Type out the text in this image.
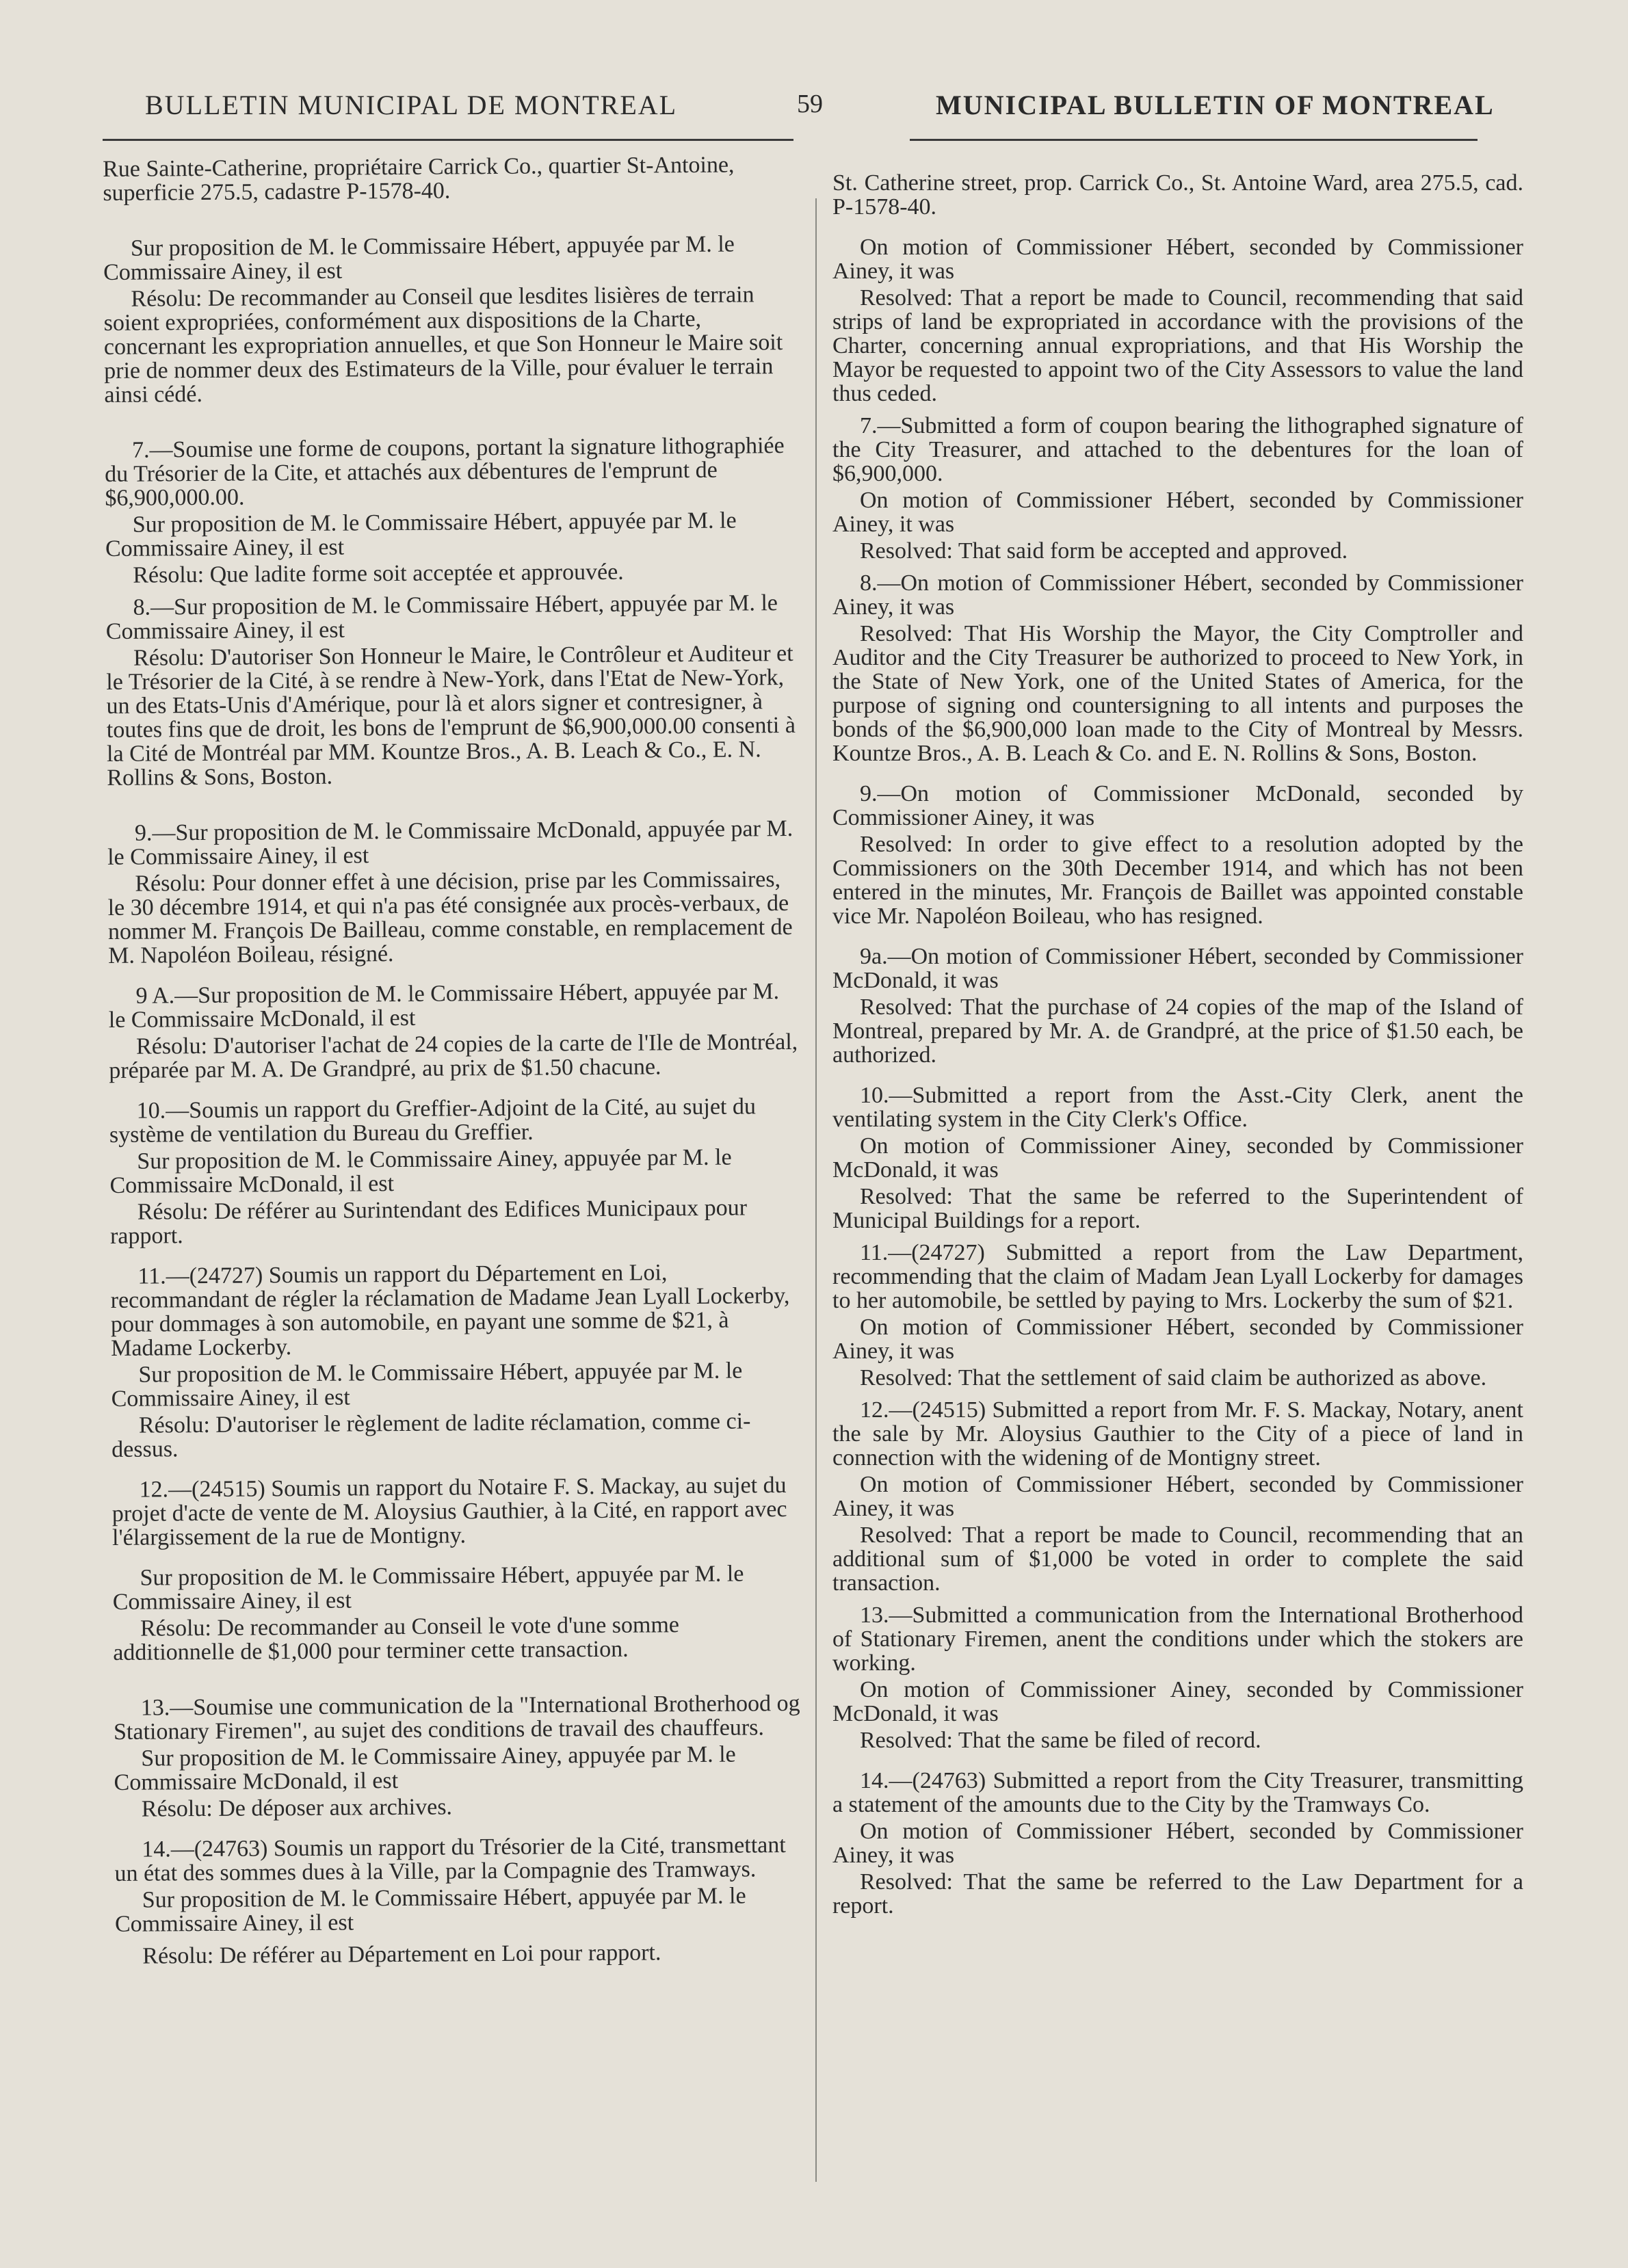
BULLETIN MUNICIPAL DE MONTREAL	59	MUNICIPAL BULLETIN OF MONTREAL

Rue Sainte-Catherine, propriétaire Carrick Co., quartier St-Antoine, superficie 275.5, cadastre P-1578-40.

Sur proposition de M. le Commissaire Hébert, appuyée par M. le Commissaire Ainey, il est

Résolu: De recommander au Conseil que lesdites lisières de terrain soient expropriées, conformément aux dispositions de la Charte, concernant les expropriation annuelles, et que Son Honneur le Maire soit prie de nommer deux des Estimateurs de la Ville, pour évaluer le terrain ainsi cédé.

7.—Soumise une forme de coupons, portant la signature lithographiée du Trésorier de la Cite, et attachés aux débentures de l'emprunt de $6,900,000.00.

Sur proposition de M. le Commissaire Hébert, appuyée par M. le Commissaire Ainey, il est

Résolu: Que ladite forme soit acceptée et approuvée.

8.—Sur proposition de M. le Commissaire Hébert, appuyée par M. le Commissaire Ainey, il est

Résolu: D'autoriser Son Honneur le Maire, le Contrôleur et Auditeur et le Trésorier de la Cité, à se rendre à New-York, dans l'Etat de New-York, un des Etats-Unis d'Amérique, pour là et alors signer et contresigner, à toutes fins que de droit, les bons de l'emprunt de $6,900,000.00 consenti à la Cité de Montréal par MM. Kountze Bros., A. B. Leach & Co., E. N. Rollins & Sons, Boston.

9.—Sur proposition de M. le Commissaire McDonald, appuyée par M. le Commissaire Ainey, il est

Résolu: Pour donner effet à une décision, prise par les Commissaires, le 30 décembre 1914, et qui n'a pas été consignée aux procès-verbaux, de nommer M. François De Bailleau, comme constable, en remplacement de M. Napoléon Boileau, résigné.

9 A.—Sur proposition de M. le Commissaire Hébert, appuyée par M. le Commissaire McDonald, il est

Résolu: D'autoriser l'achat de 24 copies de la carte de l'Ile de Montréal, préparée par M. A. De Grandpré, au prix de $1.50 chacune.

10.—Soumis un rapport du Greffier-Adjoint de la Cité, au sujet du système de ventilation du Bureau du Greffier.

Sur proposition de M. le Commissaire Ainey, appuyée par M. le Commissaire McDonald, il est

Résolu: De référer au Surintendant des Edifices Municipaux pour rapport.

11.—(24727) Soumis un rapport du Département en Loi, recommandant de régler la réclamation de Madame Jean Lyall Lockerby, pour dommages à son automobile, en payant une somme de $21, à Madame Lockerby.

Sur proposition de M. le Commissaire Hébert, appuyée par M. le Commissaire Ainey, il est

Résolu: D'autoriser le règlement de ladite réclamation, comme ci-dessus.

12.—(24515) Soumis un rapport du Notaire F. S. Mackay, au sujet du projet d'acte de vente de M. Aloysius Gauthier, à la Cité, en rapport avec l'élargissement de la rue de Montigny.

Sur proposition de M. le Commissaire Hébert, appuyée par M. le Commissaire Ainey, il est

Résolu: De recommander au Conseil le vote d'une somme additionnelle de $1,000 pour terminer cette transaction.

13.—Soumise une communication de la "International Brotherhood og Stationary Firemen", au sujet des conditions de travail des chauffeurs.

Sur proposition de M. le Commissaire Ainey, appuyée par M. le Commissaire McDonald, il est

Résolu: De déposer aux archives.

14.—(24763) Soumis un rapport du Trésorier de la Cité, transmettant un état des sommes dues à la Ville, par la Compagnie des Tramways.

Sur proposition de M. le Commissaire Hébert, appuyée par M. le Commissaire Ainey, il est

Résolu: De référer au Département en Loi pour rapport.

St. Catherine street, prop. Carrick Co., St. Antoine Ward, area 275.5, cad. P-1578-40.

On motion of Commissioner Hébert, seconded by Commissioner Ainey, it was

Resolved: That a report be made to Council, recommending that said strips of land be expropriated in accordance with the provisions of the Charter, concerning annual expropriations, and that His Worship the Mayor be requested to appoint two of the City Assessors to value the land thus ceded.

7.—Submitted a form of coupon bearing the lithographed signature of the City Treasurer, and attached to the debentures for the loan of $6,900,000.

On motion of Commissioner Hébert, seconded by Commissioner Ainey, it was

Resolved: That said form be accepted and approved.

8.—On motion of Commissioner Hébert, seconded by Commissioner Ainey, it was

Resolved: That His Worship the Mayor, the City Comptroller and Auditor and the City Treasurer be authorized to proceed to New York, in the State of New York, one of the United States of America, for the purpose of signing ond countersigning to all intents and purposes the bonds of the $6,900,000 loan made to the City of Montreal by Messrs. Kountze Bros., A. B. Leach & Co. and E. N. Rollins & Sons, Boston.

9.—On motion of Commissioner McDonald, seconded by Commissioner Ainey, it was

Resolved: In order to give effect to a resolution adopted by the Commissioners on the 30th December 1914, and which has not been entered in the minutes, Mr. François de Baillet was appointed constable vice Mr. Napoléon Boileau, who has resigned.

9a.—On motion of Commissioner Hébert, seconded by Commissioner McDonald, it was

Resolved: That the purchase of 24 copies of the map of the Island of Montreal, prepared by Mr. A. de Grandpré, at the price of $1.50 each, be authorized.

10.—Submitted a report from the Asst.-City Clerk, anent the ventilating system in the City Clerk's Office.

On motion of Commissioner Ainey, seconded by Commissioner McDonald, it was

Resolved: That the same be referred to the Superintendent of Municipal Buildings for a report.

11.—(24727) Submitted a report from the Law Department, recommending that the claim of Madam Jean Lyall Lockerby for damages to her automobile, be settled by paying to Mrs. Lockerby the sum of $21.

On motion of Commissioner Hébert, seconded by Commissioner Ainey, it was

Resolved: That the settlement of said claim be authorized as above.

12.—(24515) Submitted a report from Mr. F. S. Mackay, Notary, anent the sale by Mr. Aloysius Gauthier to the City of a piece of land in connection with the widening of de Montigny street.

On motion of Commissioner Hébert, seconded by Commissioner Ainey, it was

Resolved: That a report be made to Council, recommending that an additional sum of $1,000 be voted in order to complete the said transaction.

13.—Submitted a communication from the International Brotherhood of Stationary Firemen, anent the conditions under which the stokers are working.

On motion of Commissioner Ainey, seconded by Commissioner McDonald, it was

Resolved: That the same be filed of record.

14.—(24763) Submitted a report from the City Treasurer, transmitting a statement of the amounts due to the City by the Tramways Co.

On motion of Commissioner Hébert, seconded by Commissioner Ainey, it was

Resolved: That the same be referred to the Law Department for a report.
